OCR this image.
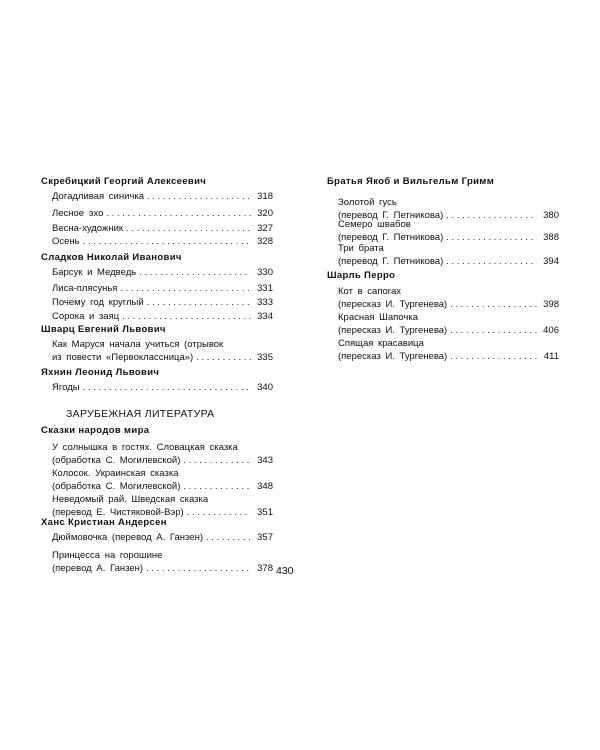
Скребицкий Георгий Алексеевич
Догадливая синичка . . .	318
Лесное эхо . . .	320
Весна-художник . . .	327
Осень . . .	328
Сладков Николай Иванович
Барсук и Медведь . . .	330
Лиса-плясунья . . .	331
Почему год круглый . . .	333
Сорока и заяц . . .	334
Шварц Евгений Львович
Как Маруся начала учиться (отрывок
из повести «Первоклассница») . . .	335
Яхнин Леонид Львович
Ягоды . . .	340
ЗАРУБЕЖНАЯ ЛИТЕРАТУРА
Сказки народов мира
У солнышка в гостях. Словацкая сказка
(обработка С. Могилевской) . . .	343
Колосок. Украинская сказка
(обработка С. Могилевской) . . .	348
Неведомый рай. Шведская сказка
(перевод Е. Чистяковой-Вэр) . . .	351
Ханс Кристиан Андерсен
Дюймовочка (перевод А. Ганзен) . . .	357
Принцесса на горошине
(перевод А. Ганзен) . . .	378
Братья Якоб и Вильгельм Гримм
Золотой гусь
(перевод Г. Петникова) . . .	380
Семеро швабов
(перевод Г. Петникова) . . .	388
Три брата
(перевод Г. Петникова) . . .	394
Шарль Перро
Кот в сапогах
(пересказ И. Тургенева) . . .	398
Красная Шапочка
(пересказ И. Тургенева) . . .	406
Спящая красавица
(пересказ И. Тургенева) . . .	411
430
